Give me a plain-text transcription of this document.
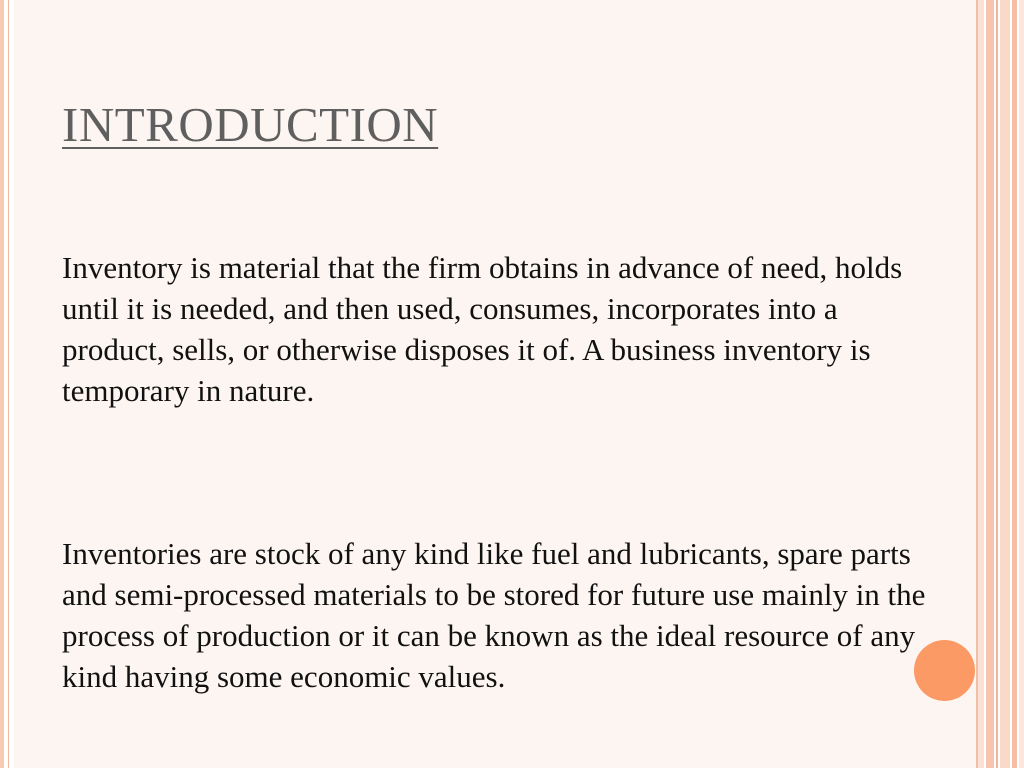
INTRODUCTION

Inventory is material that the firm obtains in advance of need, holds until it is needed, and then used, consumes, incorporates into a product, sells, or otherwise disposes it of. A business inventory is temporary in nature.

Inventories are stock of any kind like fuel and lubricants, spare parts and semi-processed materials to be stored for future use mainly in the process of production or it can be known as the ideal resource of any kind having some economic values.
